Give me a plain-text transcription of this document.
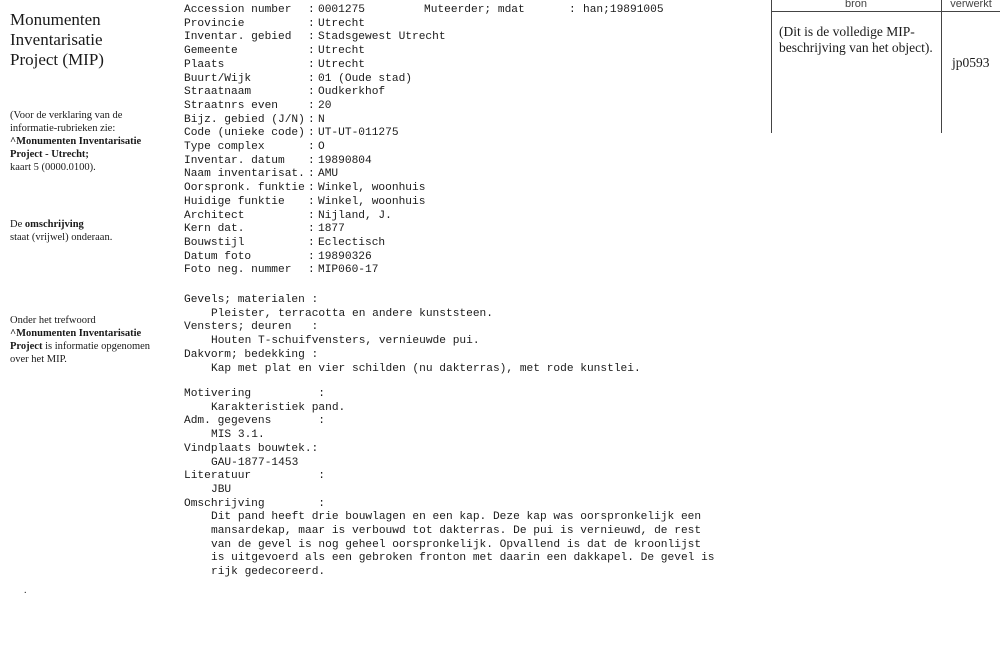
Monumenten Inventarisatie Project (MIP)
(Voor de verklaring van de informatie-rubrieken zie:
^Monumenten Inventarisatie Project - Utrecht;
kaart 5 (0000.0100).
De omschrijving
staat (vrijwel) onderaan.
Onder het trefwoord
^Monumenten Inventarisatie Project is informatie opgenomen over het MIP.
Muteerder; mdat	: han;19891005
Accession number : 0001275
Provincie	: Utrecht
Inventar. gebied : Stadsgewest Utrecht
Gemeente	: Utrecht
Plaats	: Utrecht
Buurt/Wijk	: 01 (Oude stad)
Straatnaam	: Oudkerkhof
Straatnrs even	: 20
Bijz. gebied (J/N) : N
Code (unieke code) : UT-UT-011275
Type complex	: O
Inventar. datum : 19890804
Naam inventarisat. : AMU
Oorspronk. funktie : Winkel, woonhuis
Huidige funktie : Winkel, woonhuis
Architect	: Nijland, J.
Kern dat.	: 1877
Bouwstijl	: Eclectisch
Datum foto	: 19890326
Foto neg. nummer : MIP060-17
Gevels; materialen :
Pleister, terracotta en andere kunststeen.
Vensters; deuren   :
Houten T-schuifvensters, vernieuwde pui.
Dakvorm; bedekking :
Kap met plat en vier schilden (nu dakterras), met rode kunstlei.
Motivering          :
Karakteristiek pand.
Adm. gegevens       :
MIS 3.1.
Vindplaats bouwtek.:
GAU-1877-1453
Literatuur          :
JBU
Omschrijving        :
Dit pand heeft drie bouwlagen en een kap. Deze kap was oorspronkelijk een
mansardekap, maar is verbouwd tot dakterras. De pui is vernieuwd, de rest
van de gevel is nog geheel oorspronkelijk. Opvallend is dat de kroonlijst
is uitgevoerd als een gebroken fronton met daarin een dakkapel. De gevel is
rijk gedecoreerd.
bron	verwerkt
(Dit is de volledige MIP-beschrijving van het object).
jp0593
.
